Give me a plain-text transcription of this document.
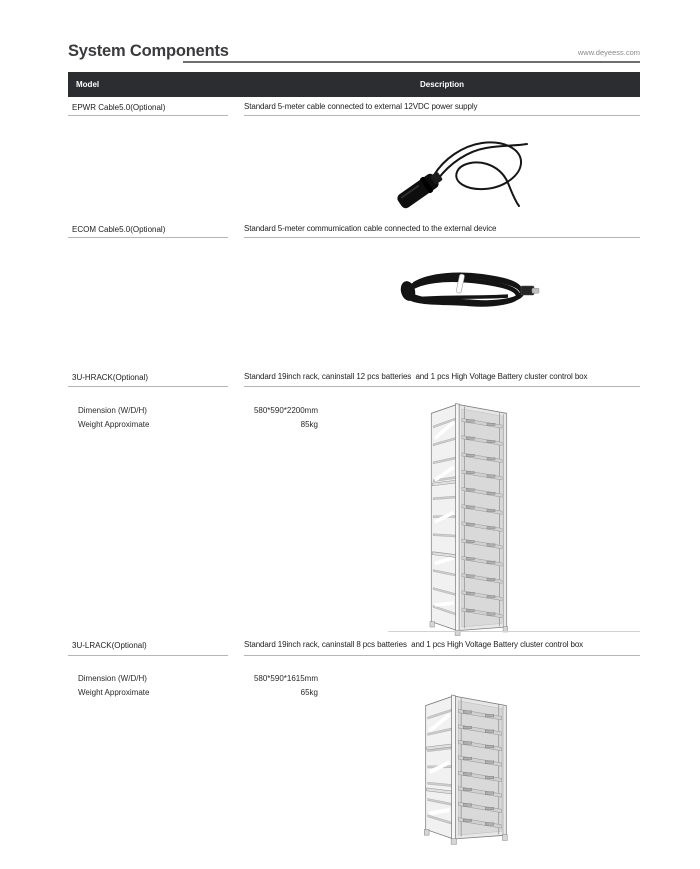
System Components	www.deyeess.com
Model	Description
EPWR Cable5.0(Optional)	Standard 5-meter cable connected to external 12VDC power supply
ECOM Cable5.0(Optional)	Standard 5-meter commumication cable connected to the external device
3U-HRACK(Optional)	Standard 19inch rack, caninstall 12 pcs batteries  and 1 pcs High Voltage Battery cluster control box
Dimension (W/D/H)	580*590*2200mm
Weight Approximate	85kg
3U-LRACK(Optional)	Standard 19inch rack, caninstall 8 pcs batteries  and 1 pcs High Voltage Battery cluster control box
Dimension (W/D/H)	580*590*1615mm
Weight Approximate	65kg
